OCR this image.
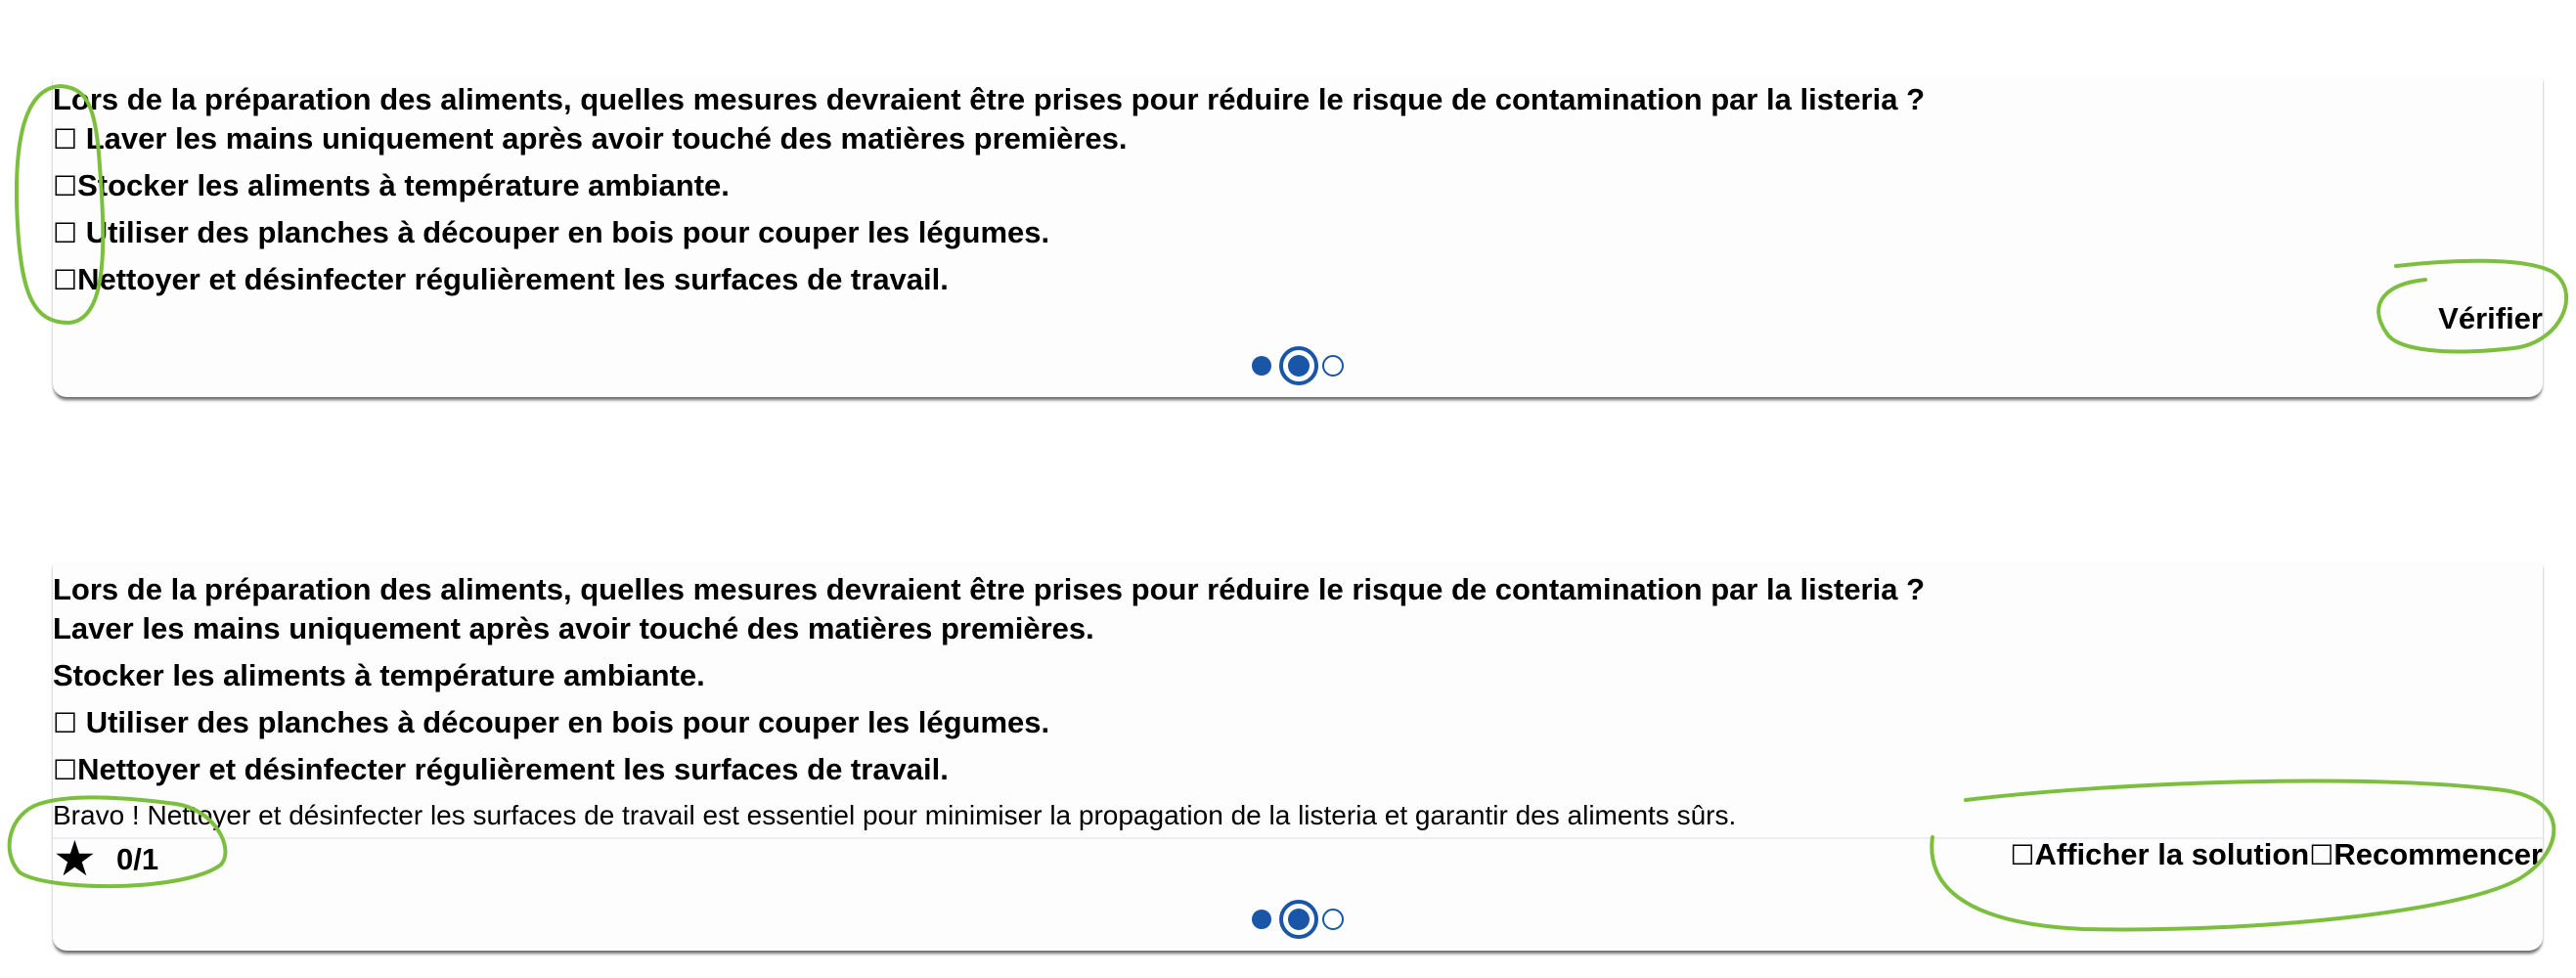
Lors de la préparation des aliments, quelles mesures devraient être prises pour réduire le risque de contamination par la listeria ?
☐ Laver les mains uniquement après avoir touché des matières premières.
☐Stocker les aliments à température ambiante.
☐ Utiliser des planches à découper en bois pour couper les légumes.
☐Nettoyer et désinfecter régulièrement les surfaces de travail.
Vérifier
Lors de la préparation des aliments, quelles mesures devraient être prises pour réduire le risque de contamination par la listeria ?
Laver les mains uniquement après avoir touché des matières premières.
Stocker les aliments à température ambiante.
☐ Utiliser des planches à découper en bois pour couper les légumes.
☐Nettoyer et désinfecter régulièrement les surfaces de travail.
Bravo ! Nettoyer et désinfecter les surfaces de travail est essentiel pour minimiser la propagation de la listeria et garantir des aliments sûrs.
★ 0/1	☐Afficher la solution☐Recommencer
